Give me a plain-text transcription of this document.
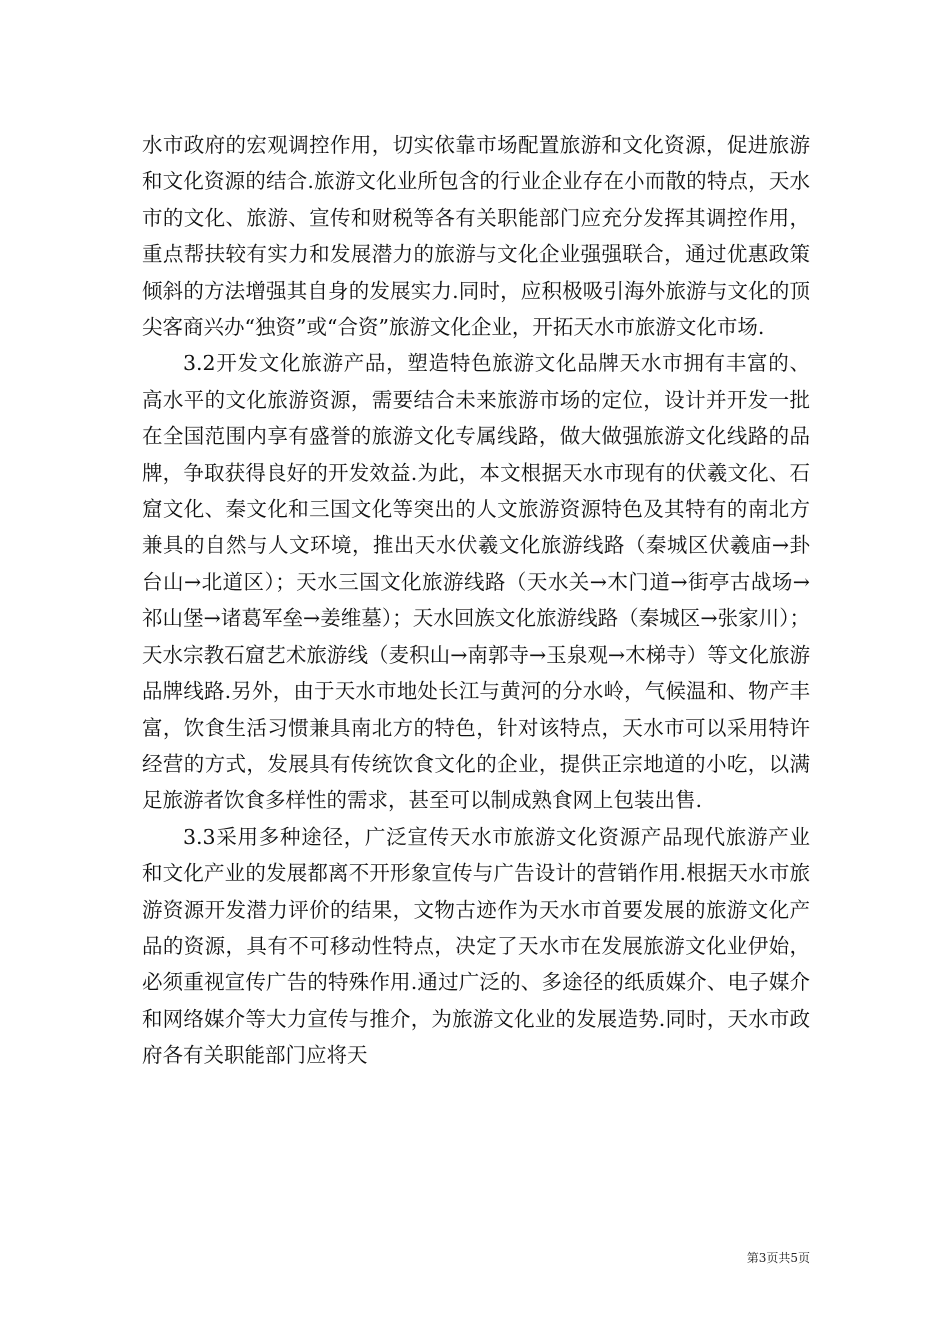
水市政府的宏观调控作用，切实依靠市场配置旅游和文化资源，促进旅游和文化资源的结合.旅游文化业所包含的行业企业存在小而散的特点，天水市的文化、旅游、宣传和财税等各有关职能部门应充分发挥其调控作用，重点帮扶较有实力和发展潜力的旅游与文化企业强强联合，通过优惠政策倾斜的方法增强其自身的发展实力.同时，应积极吸引海外旅游与文化的顶尖客商兴办“独资”或“合资”旅游文化企业，开拓天水市旅游文化市场.

3.2开发文化旅游产品，塑造特色旅游文化品牌天水市拥有丰富的、高水平的文化旅游资源，需要结合未来旅游市场的定位，设计并开发一批在全国范围内享有盛誉的旅游文化专属线路，做大做强旅游文化线路的品牌，争取获得良好的开发效益.为此，本文根据天水市现有的伏羲文化、石窟文化、秦文化和三国文化等突出的人文旅游资源特色及其特有的南北方兼具的自然与人文环境，推出天水伏羲文化旅游线路（秦城区伏羲庙→卦台山→北道区）；天水三国文化旅游线路（天水关→木门道→街亭古战场→祁山堡→诸葛军垒→姜维墓）；天水回族文化旅游线路（秦城区→张家川）；天水宗教石窟艺术旅游线（麦积山→南郭寺→玉泉观→木梯寺）等文化旅游品牌线路.另外，由于天水市地处长江与黄河的分水岭，气候温和、物产丰富，饮食生活习惯兼具南北方的特色，针对该特点，天水市可以采用特许经营的方式，发展具有传统饮食文化的企业，提供正宗地道的小吃，以满足旅游者饮食多样性的需求，甚至可以制成熟食网上包装出售.

3.3采用多种途径，广泛宣传天水市旅游文化资源产品现代旅游产业和文化产业的发展都离不开形象宣传与广告设计的营销作用.根据天水市旅游资源开发潜力评价的结果，文物古迹作为天水市首要发展的旅游文化产品的资源，具有不可移动性特点，决定了天水市在发展旅游文化业伊始，必须重视宣传广告的特殊作用.通过广泛的、多途径的纸质媒介、电子媒介和网络媒介等大力宣传与推介，为旅游文化业的发展造势.同时，天水市政府各有关职能部门应将天

第3页共5页
